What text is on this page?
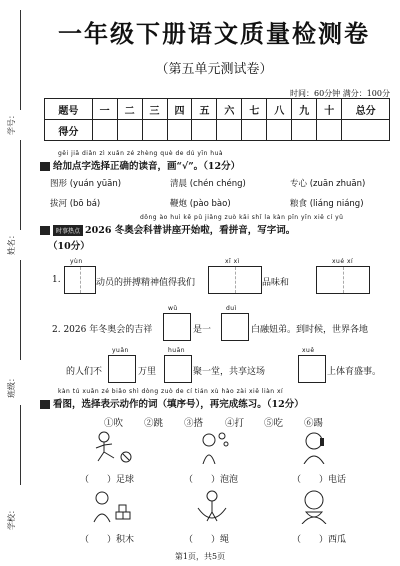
学号：
姓名：
班级：
学校：
一年级下册语文质量检测卷
（第五单元测试卷）
时间：60分钟 满分：100分
题号	一	二	三	四	五	六	七	八	九	十	总分
得分											
gěi jiā diǎn zì xuǎn zé zhèng què de dú yīn huà
给加点字选择正确的读音，画“√”。（12分）
图形 (yuán yūān)	清晨 (chén chéng)	专心 (zuān zhuān)
拔河 (bō bá)	鞭炮 (pào bào)	粮食 (liáng niáng)
dōng ào huì kē pǔ jiǎng zuò kāi shǐ la kàn pīn yīn xiě cí yǔ
时事热点 2026 冬奥会科普讲座开始啦，看拼音，写字词。
（10分）
yùn	xī xì	xué xí
1.	动员的拼搏精神值得我们	品味和
wǔ	duì
2. 2026 年冬奥会的吉祥	是一	白融妞弟。到时候，世界各地
yuǎn	huān	xuě
的人们不	万里	聚一堂，共享这场	上体育盛事。
kàn tú xuǎn zé biǎo shì dòng zuò de cí tián xù hào zài xiě liàn xí
看图，选择表示动作的词（填序号），再完成练习。（12分）
①吹 ②跳 ③搭 ④打 ⑤吃 ⑥踢
（　　）足球	（　　）泡泡	（　　）电话
（　　）积木	（　　）绳	（　　）西瓜
第1页，共5页
